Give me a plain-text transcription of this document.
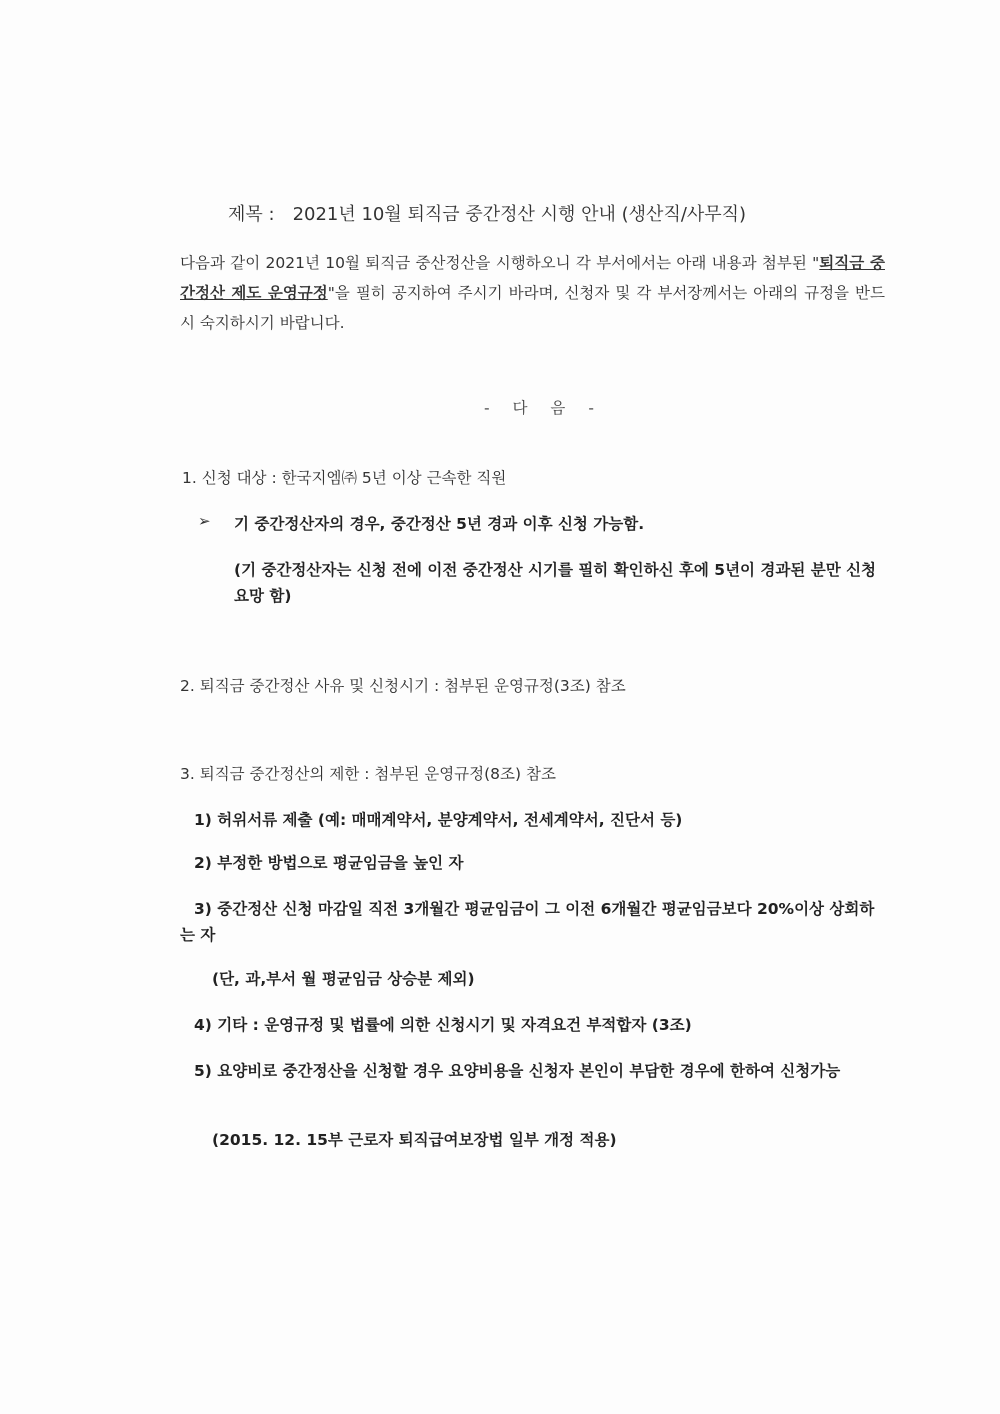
제목 : 2021년 10월 퇴직금 중간정산 시행 안내 (생산직/사무직)
다음과 같이 2021년 10월 퇴직금 중산정산을 시행하오니 각 부서에서는 아래 내용과 첨부된 "퇴직금 중간정산 제도 운영규정"을 필히 공지하여 주시기 바라며, 신청자 및 각 부서장께서는 아래의 규정을 반드시 숙지하시기 바랍니다.
- 다 음 -
1. 신청 대상 : 한국지엠㈜ 5년 이상 근속한 직원
➢ 기 중간정산자의 경우, 중간정산 5년 경과 이후 신청 가능함.
(기 중간정산자는 신청 전에 이전 중간정산 시기를 필히 확인하신 후에 5년이 경과된 분만 신청 요망 함)
2. 퇴직금 중간정산 사유 및 신청시기 : 첨부된 운영규정(3조) 참조
3. 퇴직금 중간정산의 제한 : 첨부된 운영규정(8조) 참조
1) 허위서류 제출 (예: 매매계약서, 분양계약서, 전세계약서, 진단서 등)
2) 부정한 방법으로 평균임금을 높인 자
3) 중간정산 신청 마감일 직전 3개월간 평균임금이 그 이전 6개월간 평균임금보다 20%이상 상회하는 자
(단, 과,부서 월 평균임금 상승분 제외)
4) 기타 : 운영규정 및 법률에 의한 신청시기 및 자격요건 부적합자 (3조)
5) 요양비로 중간정산을 신청할 경우 요양비용을 신청자 본인이 부담한 경우에 한하여 신청가능
(2015. 12. 15부 근로자 퇴직급여보장법 일부 개정 적용)
